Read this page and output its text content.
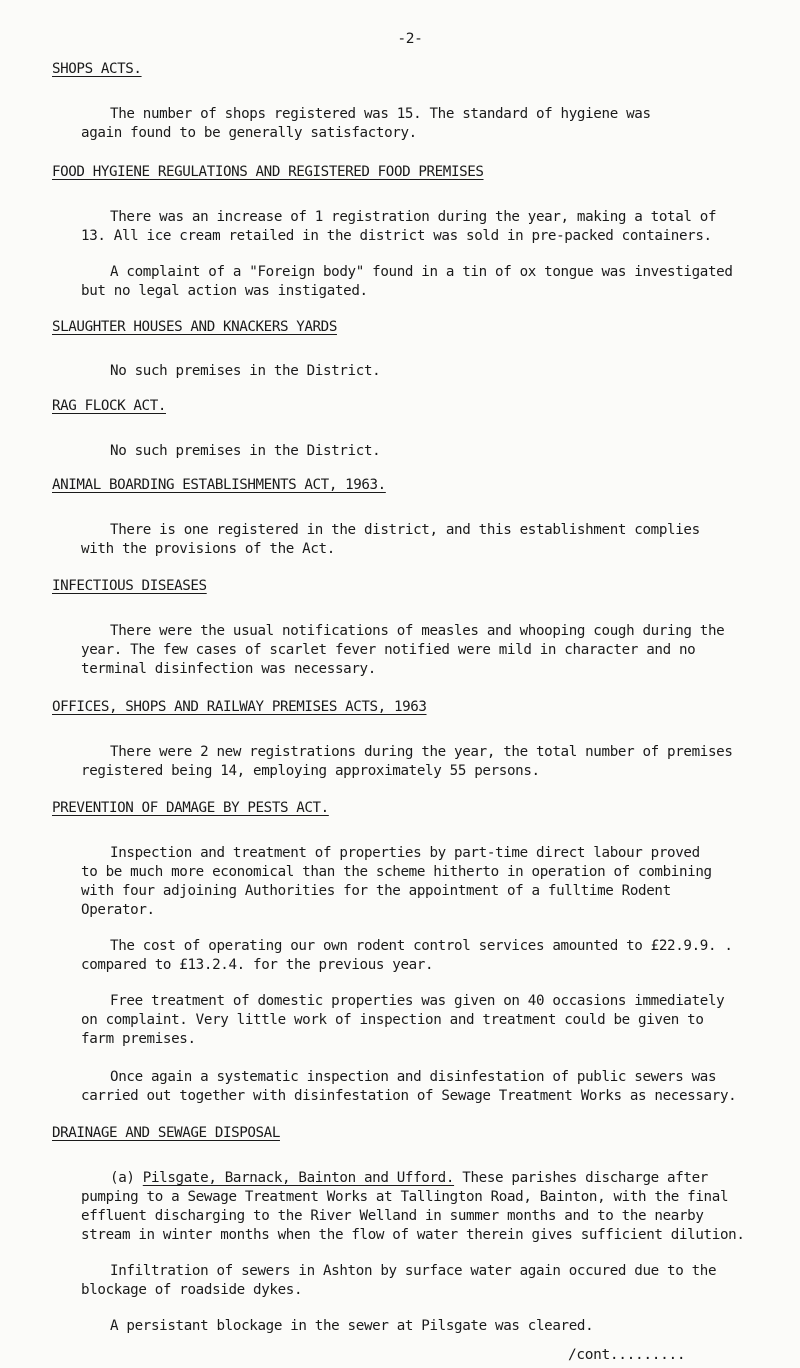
-2-
SHOPS ACTS.
The number of shops registered was 15. The standard of hygiene was
again found to be generally satisfactory.
FOOD HYGIENE REGULATIONS AND REGISTERED FOOD PREMISES
There was an increase of 1 registration during the year, making a total of
13. All ice cream retailed in the district was sold in pre-packed containers.
A complaint of a "Foreign body" found in a tin of ox tongue was investigated
but no legal action was instigated.
SLAUGHTER HOUSES AND KNACKERS YARDS
No such premises in the District.
RAG FLOCK ACT.
No such premises in the District.
ANIMAL BOARDING ESTABLISHMENTS ACT, 1963.
There is one registered in the district, and this establishment complies
with the provisions of the Act.
INFECTIOUS DISEASES
There were the usual notifications of measles and whooping cough during the
year. The few cases of scarlet fever notified were mild in character and no
terminal disinfection was necessary.
OFFICES, SHOPS AND RAILWAY PREMISES ACTS, 1963
There were 2 new registrations during the year, the total number of premises
registered being 14, employing approximately 55 persons.
PREVENTION OF DAMAGE BY PESTS ACT.
Inspection and treatment of properties by part-time direct labour proved
to be much more economical than the scheme hitherto in operation of combining
with four adjoining Authorities for the appointment of a fulltime Rodent
Operator.
The cost of operating our own rodent control services amounted to £22.9.9. .
compared to £13.2.4. for the previous year.
Free treatment of domestic properties was given on 40 occasions immediately
on complaint. Very little work of inspection and treatment could be given to
farm premises.
Once again a systematic inspection and disinfestation of public sewers was
carried out together with disinfestation of Sewage Treatment Works as necessary.
DRAINAGE AND SEWAGE DISPOSAL
(a) Pilsgate, Barnack, Bainton and Ufford. These parishes discharge after
pumping to a Sewage Treatment Works at Tallington Road, Bainton, with the final
effluent discharging to the River Welland in summer months and to the nearby
stream in winter months when the flow of water therein gives sufficient dilution.
Infiltration of sewers in Ashton by surface water again occured due to the
blockage of roadside dykes.
A persistant blockage in the sewer at Pilsgate was cleared.
/cont.........
